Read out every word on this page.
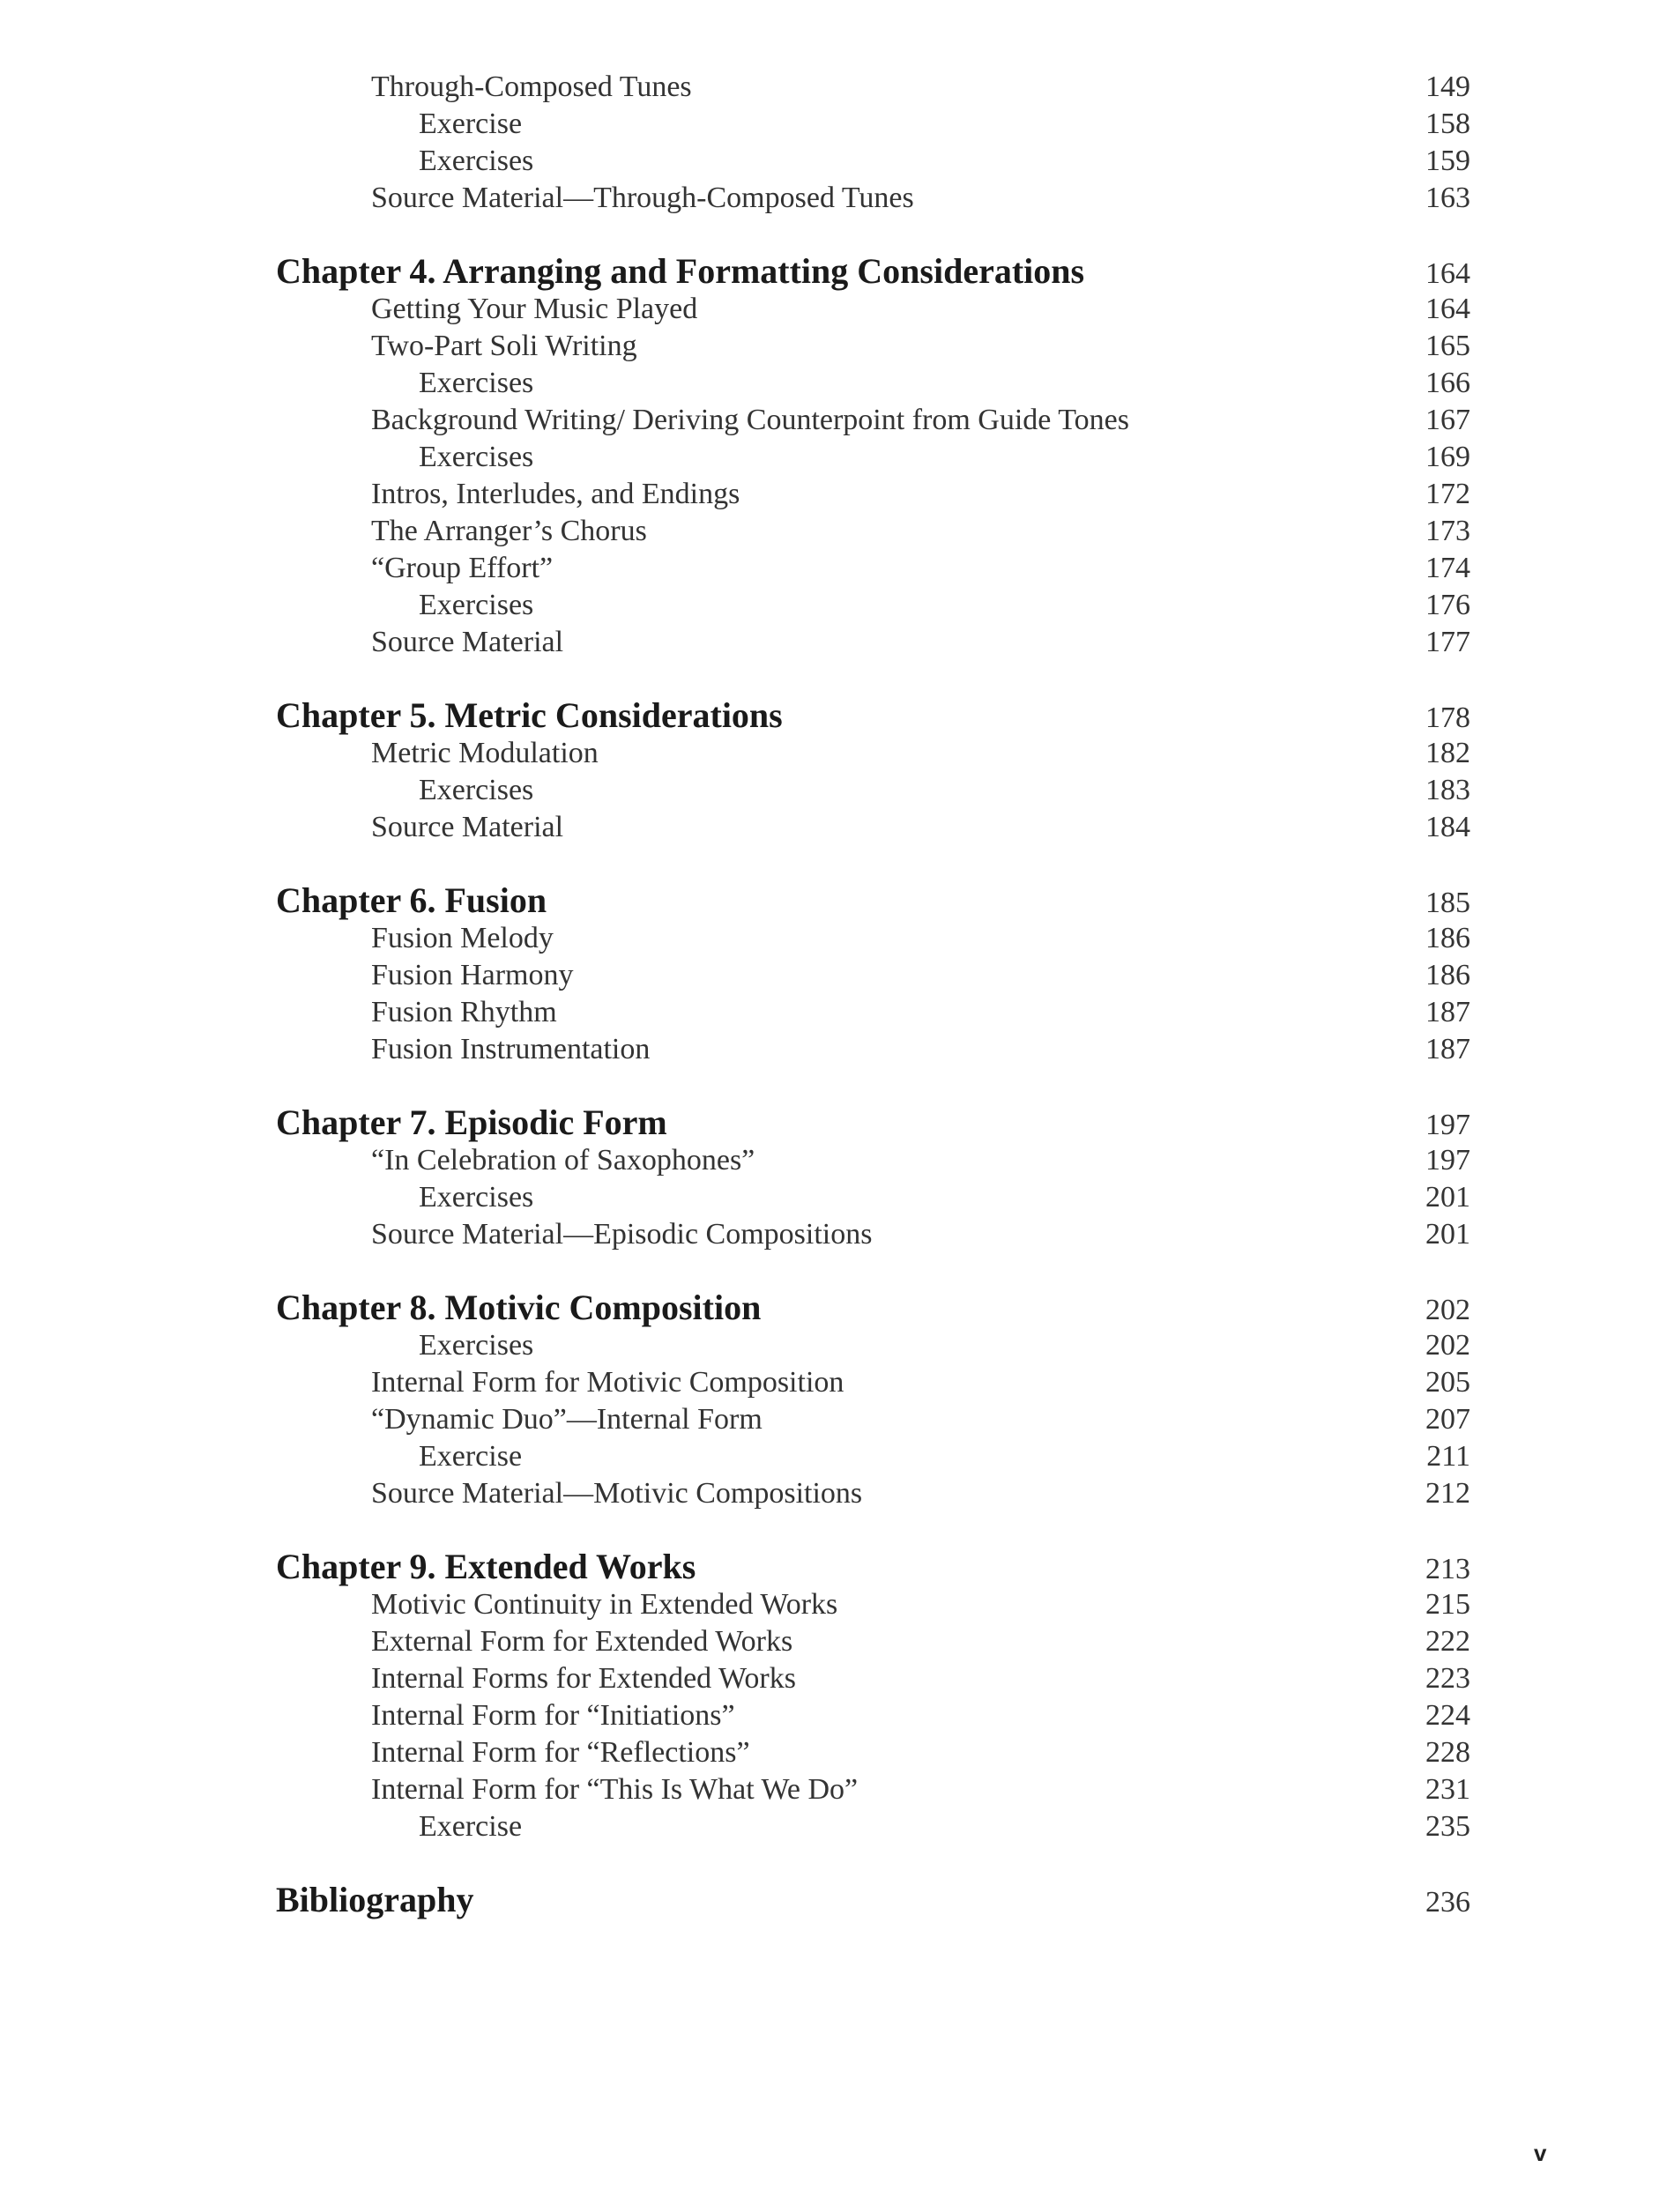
Through-Composed Tunes	149
Exercise	158
Exercises	159
Source Material—Through-Composed Tunes	163
Chapter 4. Arranging and Formatting Considerations	164
Getting Your Music Played	164
Two-Part Soli Writing	165
Exercises	166
Background Writing/ Deriving Counterpoint from Guide Tones	167
Exercises	169
Intros, Interludes, and Endings	172
The Arranger’s Chorus	173
“Group Effort”	174
Exercises	176
Source Material	177
Chapter 5. Metric Considerations	178
Metric Modulation	182
Exercises	183
Source Material	184
Chapter 6. Fusion	185
Fusion Melody	186
Fusion Harmony	186
Fusion Rhythm	187
Fusion Instrumentation	187
Chapter 7. Episodic Form	197
“In Celebration of Saxophones”	197
Exercises	201
Source Material—Episodic Compositions	201
Chapter 8. Motivic Composition	202
Exercises	202
Internal Form for Motivic Composition	205
“Dynamic Duo”—Internal Form	207
Exercise	211
Source Material—Motivic Compositions	212
Chapter 9. Extended Works	213
Motivic Continuity in Extended Works	215
External Form for Extended Works	222
Internal Forms for Extended Works	223
Internal Form for “Initiations”	224
Internal Form for “Reflections”	228
Internal Form for “This Is What We Do”	231
Exercise	235
Bibliography	236
v
